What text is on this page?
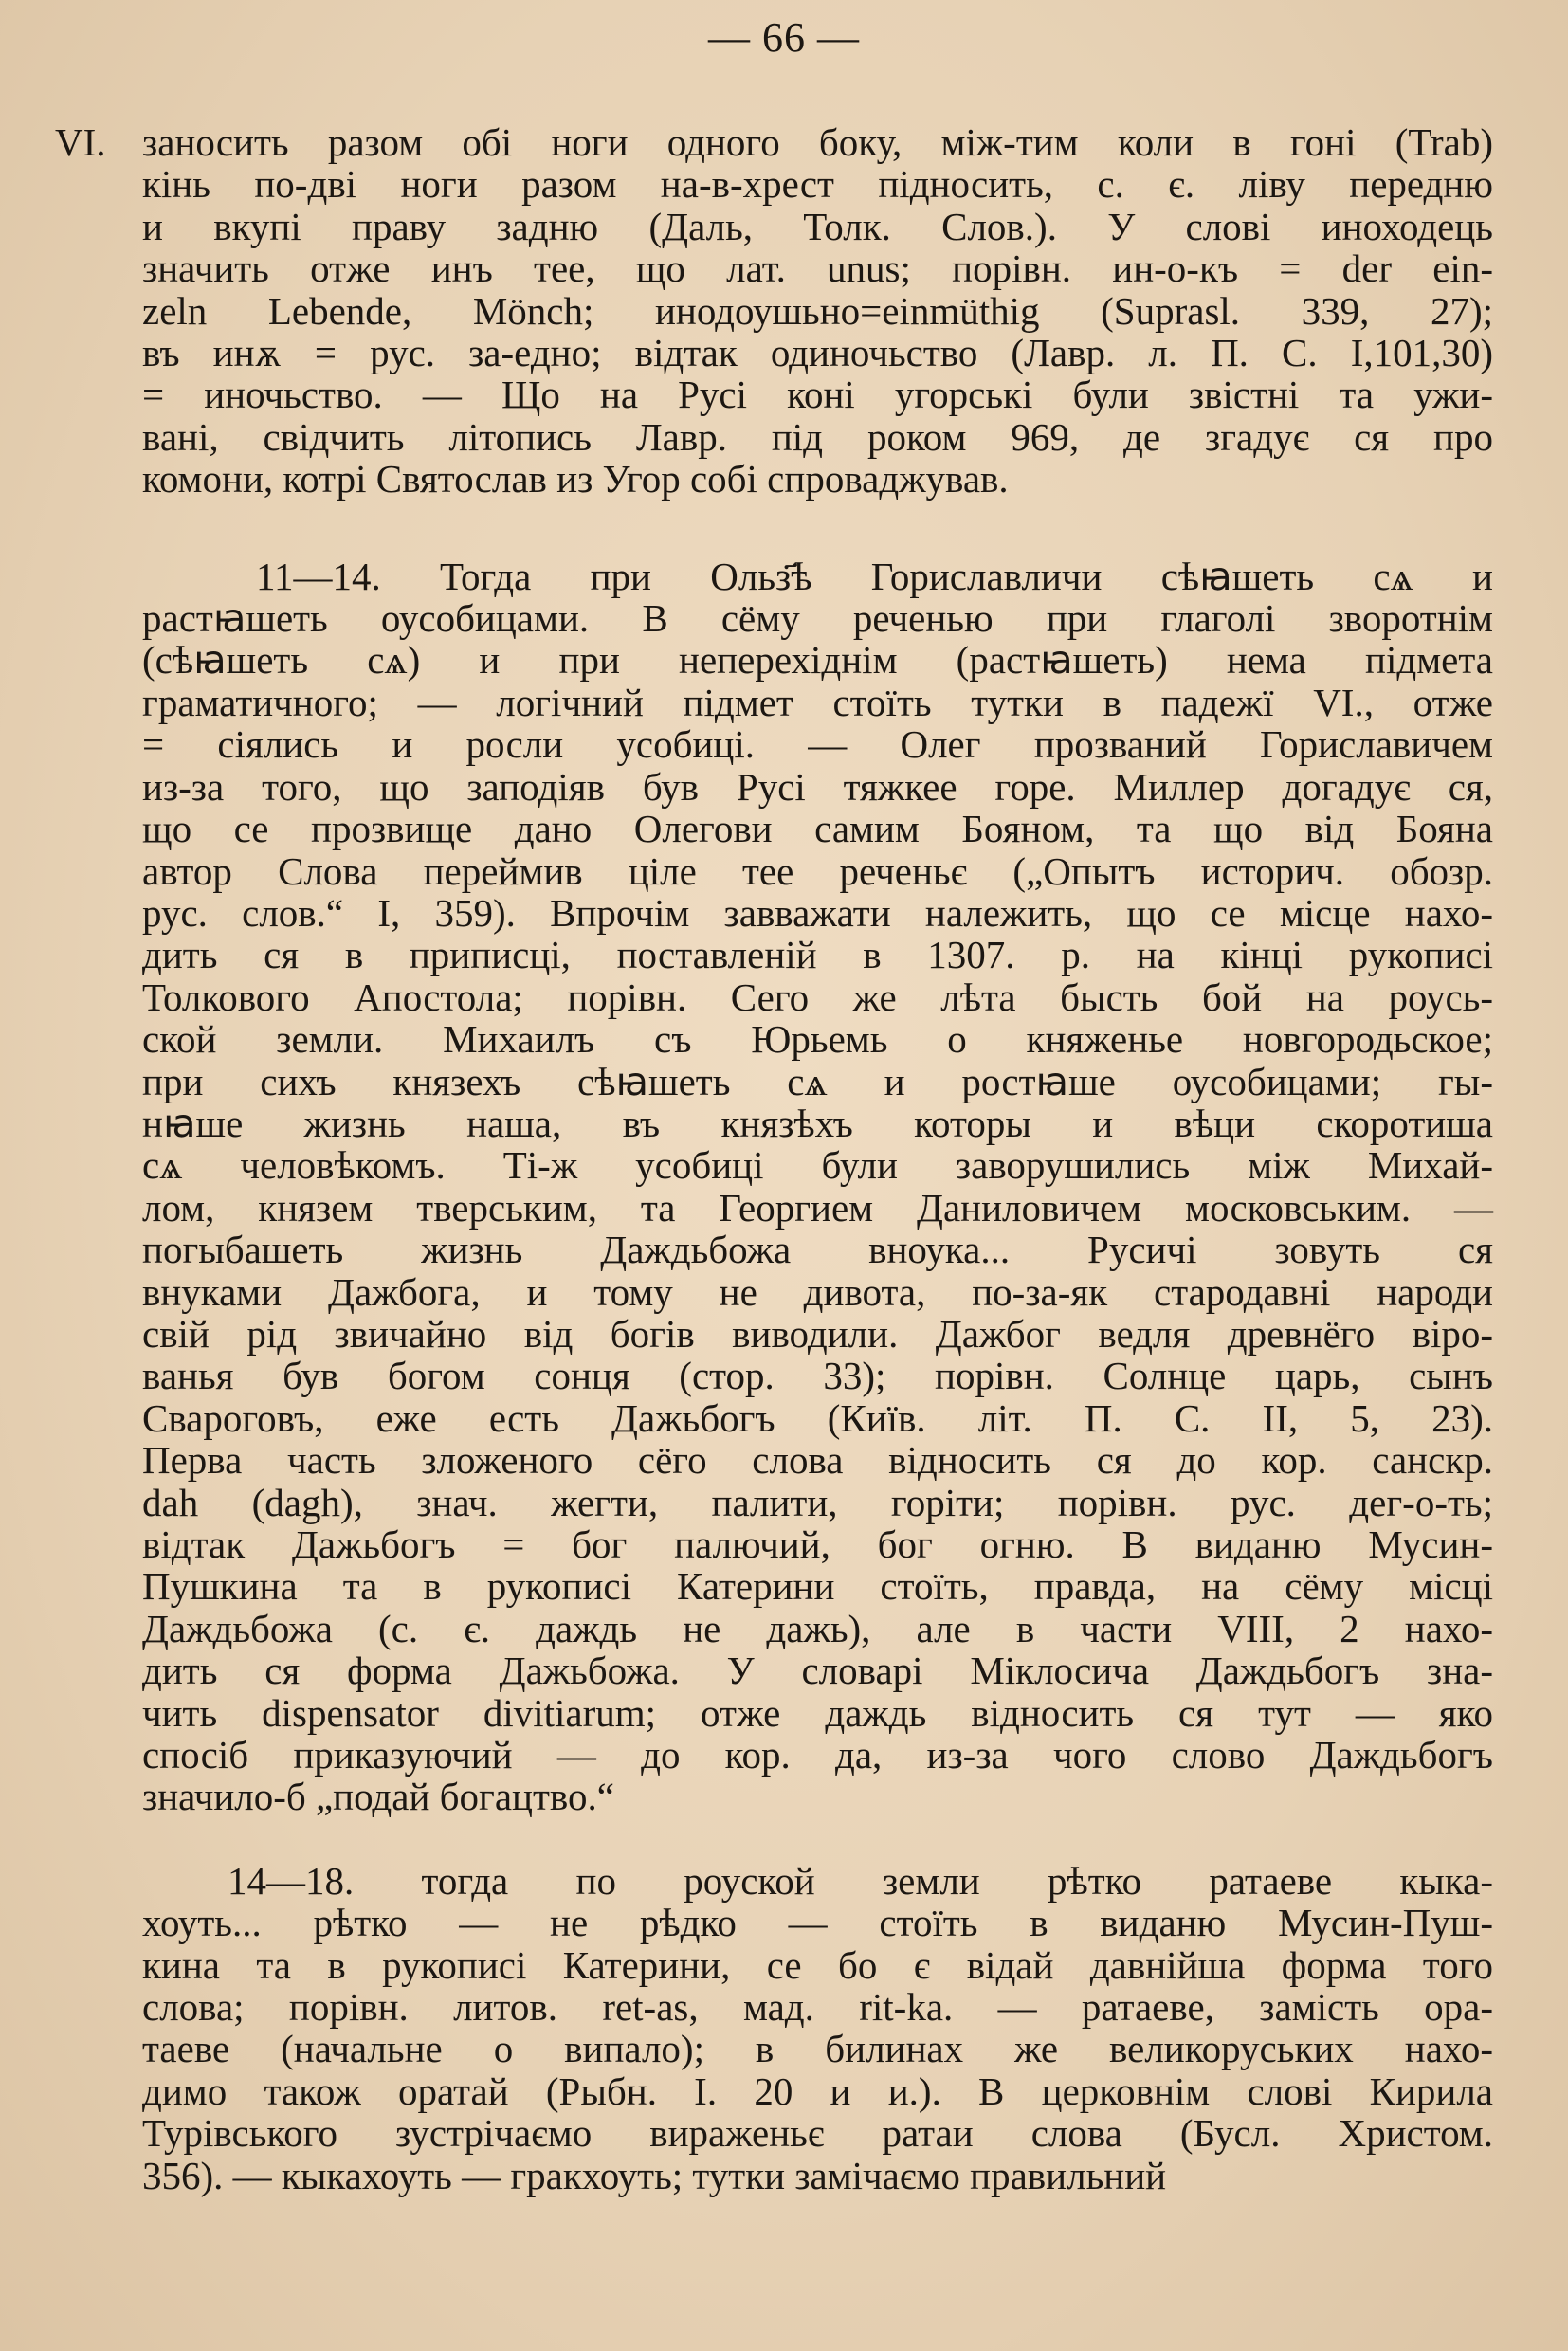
— 66 —
VI. заносить разом обі ноги одного боку, між-тим коли в гоні (Trab)
кінь по-дві ноги разом на-в-хрест підносить, с. є. ліву передню
и вкупі праву задню (Даль, Толк. Слов.). У слові иноходець
значить отже инъ тее, що лат. unus; порівн. ин-о-къ = der ein-
zeln Lebende, Mönch; инодоушьно=einmüthig (Suprasl. 339, 27);
въ инѫ = рус. за-едно; відтак одиночьство (Лавр. л. П. С. І,101,30)
= иночьство. — Що на Русі коні угорські були звістні та ужи-
вані, свідчить літопись Лавр. під роком 969, де згадує ся про
комони, котрі Святослав из Угор собі спроваджував.
11—14. Тогда при Ольз҃ѣ Гориславличи сѣꙗшеть сѧ и
растꙗшеть оусобицами. В сёму реченью при глаголі зворотнім
(сѣꙗшеть сѧ) и при неперехіднім (растꙗшеть) нема підмета
граматичного; — логічний підмет стоїть тутки в падежї VI., отже
= сіялись и росли усобиці. — Олег прозваний Гориславичем
из-за того, що заподіяв був Русі тяжкее горе. Миллер догадує ся,
що се прозвище дано Олегови самим Бояном, та що від Бояна
автор Слова переймив ціле тее реченьє („Опытъ историч. обозр.
рус. слов.“ I, 359). Впрочім завважати належить, що се місце нахо-
дить ся в приписці, поставленій в 1307. р. на кінці рукописі
Толкового Апостола; порівн. Сего же лѣта бысть бой на роусь-
ской земли. Михаилъ съ Юрьемь о княженье новгородьское;
при сихъ князехъ сѣꙗшеть сѧ и ростꙗше оусобицами; гы-
нꙗше жизнь наша, въ князѣхъ которы и вѣци скоротиша
сѧ человѣкомъ. Ті-ж усобиці були заворушились між Михай-
лом, князем тверським, та Георгием Даниловичем московським. —
погыбашеть жизнь Даждьбожа вноука... Русичі зовуть ся
внуками Дажбога, и тому не дивота, по-за-як стародавні народи
свій рід звичайно від богів виводили. Дажбог ведля древнёго віро-
ванья був богом сонця (стор. 33); порівн. Солнце царь, сынъ
Свароговъ, еже есть Дажьбогъ (Київ. літ. П. С. II, 5, 23).
Перва часть зложеного сёго слова відносить ся до кор. санскр.
dah (dagh), знач. жегти, палити, горіти; порівн. рус. дег-о-ть;
відтак Дажьбогъ = бог палючий, бог огню. В виданю Мусин-
Пушкина та в рукописі Катерини стоїть, правда, на сёму місці
Даждьбожа (с. є. даждь не дажь), але в части VIII, 2 нахо-
дить ся форма Дажьбожа. У словарі Міклосича Даждьбогъ зна-
чить dispensator divitiarum; отже даждь відносить ся тут — яко
спосіб приказуючий — до кор. да, из-за чого слово Даждьбогъ
значило-б „подай богацтво.“
14—18. тогда по роуской земли рѣтко ратаеве кыка-
хоуть... рѣтко — не рѣдко — стоїть в виданю Мусин-Пуш-
кина та в рукописі Катерини, се бо є відай давнійша форма того
слова; порівн. литов. ret-as, мад. rit-ka. — ратаеве, замість ора-
таеве (начальне о випало); в билинах же великоруських нахо-
димо також оратай (Рыбн. I. 20 и и.). В церковнім слові Кирила
Турівського зустрічаємо вираженьє ратаи слова (Бусл. Христом.
356). — кыкахоуть — гракхоуть; тутки замічаємо правильний
